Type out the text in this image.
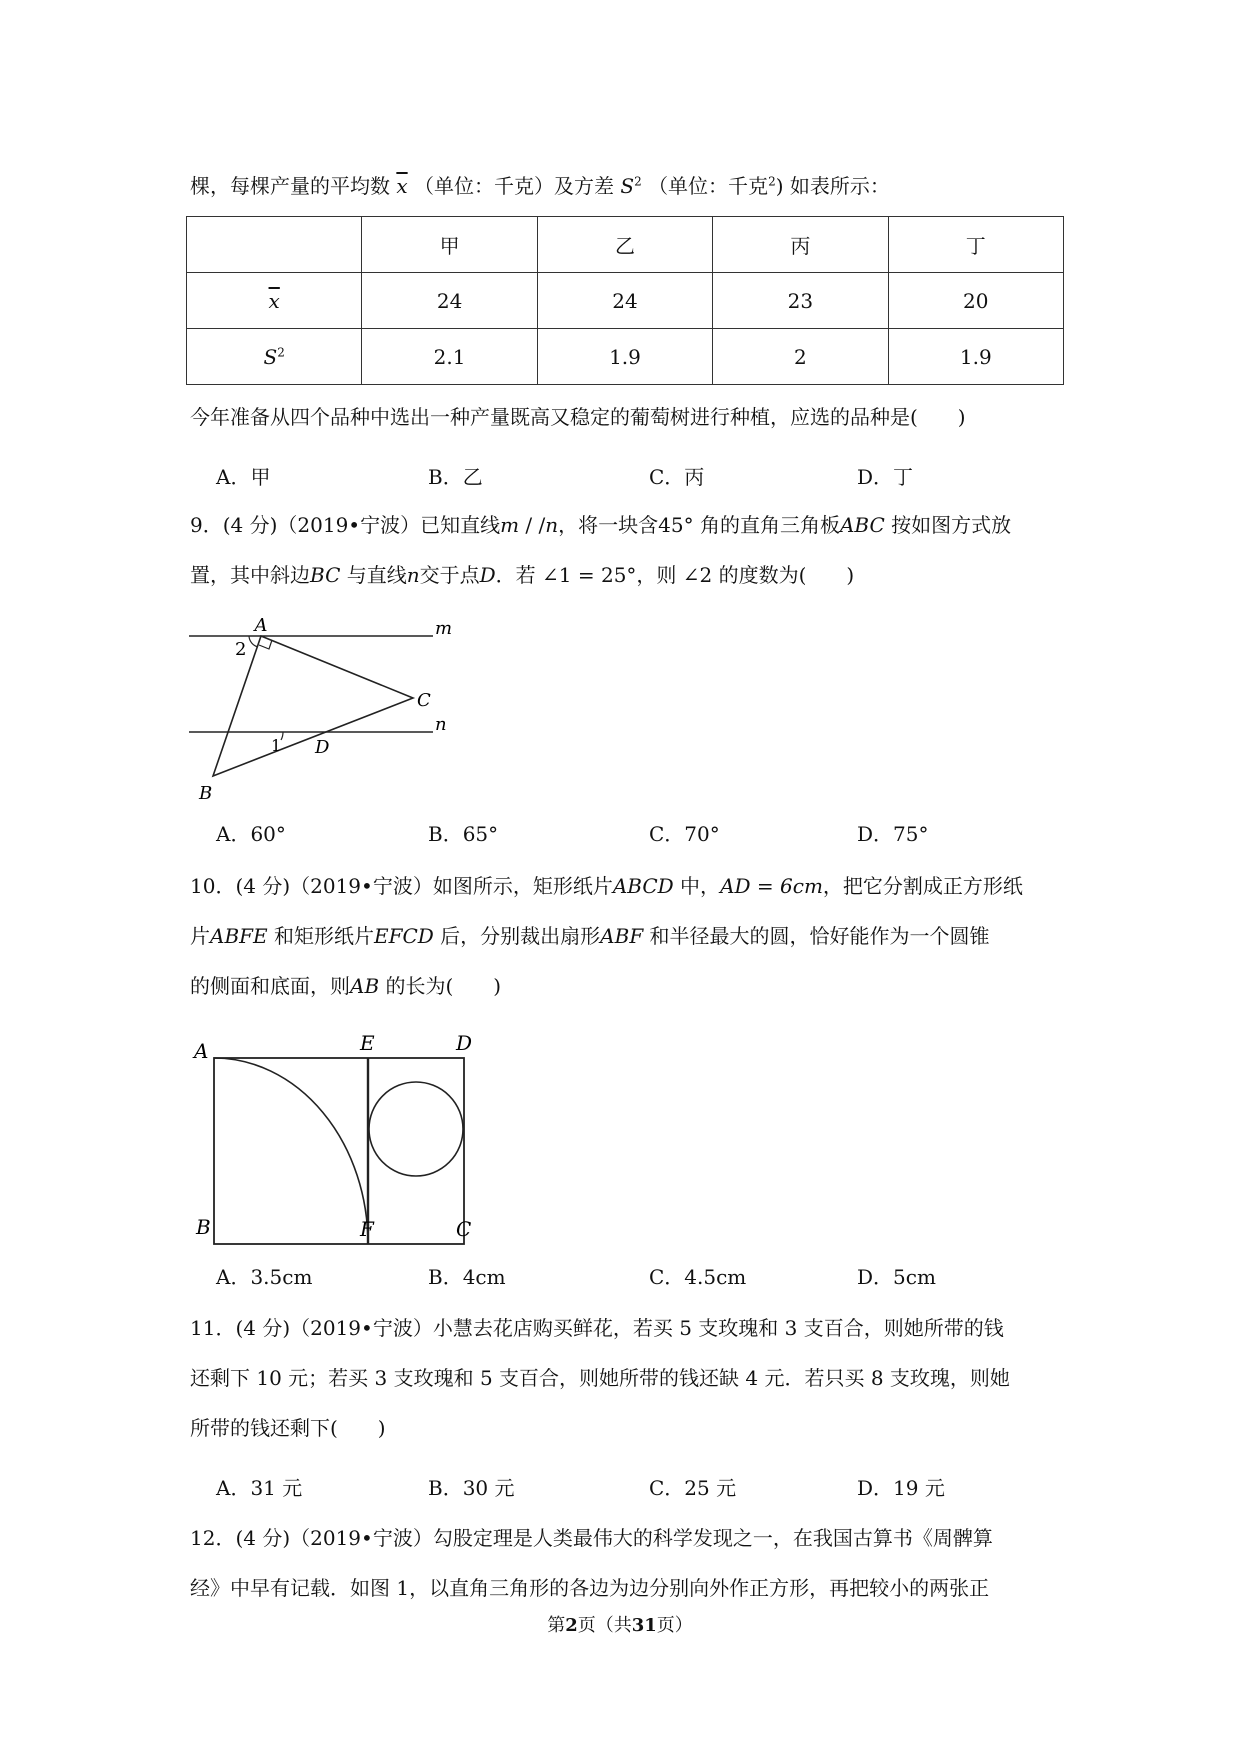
棵，每棵产量的平均数 $\overline{x}$ （单位：千克）及方差 $S^2$ （单位：千克$^2$) 如表所示：
	甲	乙	丙	丁
$\overline{x}$	24	24	23	20
$S^2$	2.1	1.9	2	1.9
今年准备从四个品种中选出一种产量既高又稳定的葡萄树进行种植，应选的品种是(　　)
A．甲	B．乙	C．丙	D．丁
9．(4 分)（2019•宁波）已知直线m / /n，将一块含45° 角的直角三角板ABC 按如图方式放
置，其中斜边BC 与直线n交于点D．若 ∠1 = 25°，则 ∠2 的度数为(　　)
A	m
2
C
n
1 D
B
A．60°	B．65°	C．70°	D．75°
10．(4 分)（2019•宁波）如图所示，矩形纸片ABCD 中，AD = 6cm，把它分割成正方形纸
片ABFE 和矩形纸片EFCD 后，分别裁出扇形ABF 和半径最大的圆，恰好能作为一个圆锥
的侧面和底面，则AB 的长为(　　)
A	E	D
B	F	C
A．3.5cm	B．4cm	C．4.5cm	D．5cm
11．(4 分)（2019•宁波）小慧去花店购买鲜花，若买 5 支玫瑰和 3 支百合，则她所带的钱
还剩下 10 元；若买 3 支玫瑰和 5 支百合，则她所带的钱还缺 4 元．若只买 8 支玫瑰，则她
所带的钱还剩下(　　)
A．31 元	B．30 元	C．25 元	D．19 元
12．(4 分)（2019•宁波）勾股定理是人类最伟大的科学发现之一，在我国古算书《周髀算
经》中早有记载．如图 1，以直角三角形的各边为边分别向外作正方形，再把较小的两张正
第2页（共31页）
